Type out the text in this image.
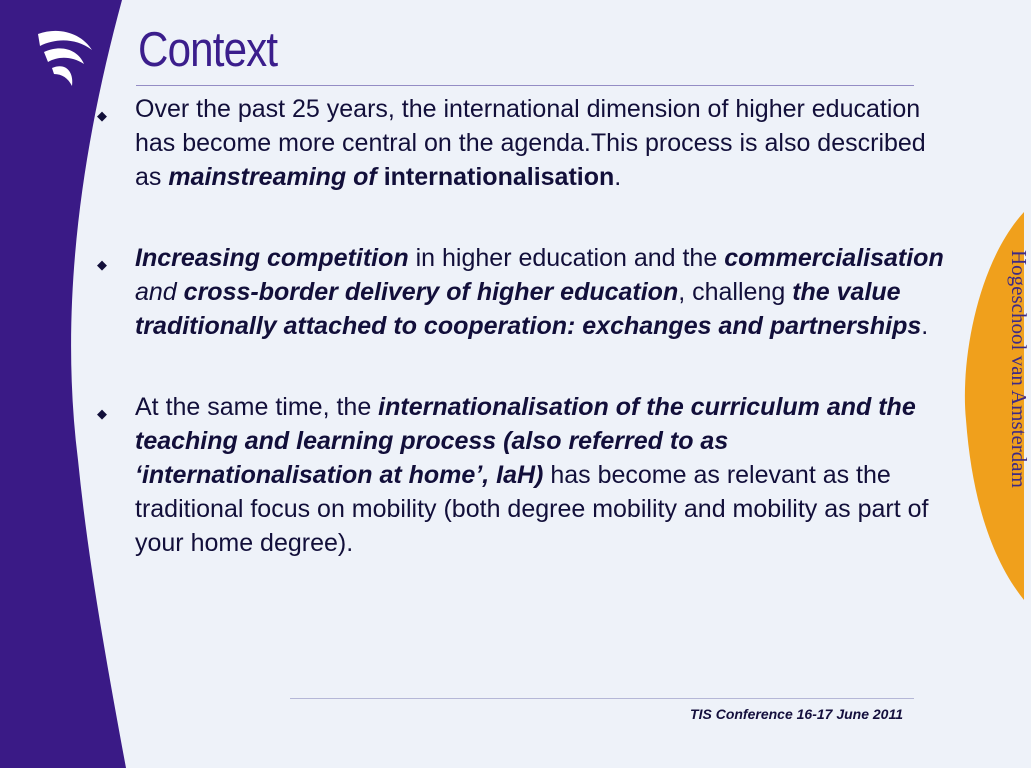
Context
◆ Over the past 25 years, the international dimension of higher education has become more central on the agenda.This process is also described as mainstreaming of internationalisation.
◆ Increasing competition in higher education and the commercialisation and cross-border delivery of higher education, challeng the value traditionally attached to cooperation: exchanges and partnerships.
◆ At the same time, the internationalisation of the curriculum and the teaching and learning process (also referred to as ‘internationalisation at home’, IaH) has become as relevant as the traditional focus on mobility (both degree mobility and mobility as part of your home degree).

Hogeschool van Amsterdam

TIS Conference 16-17 June 2011
